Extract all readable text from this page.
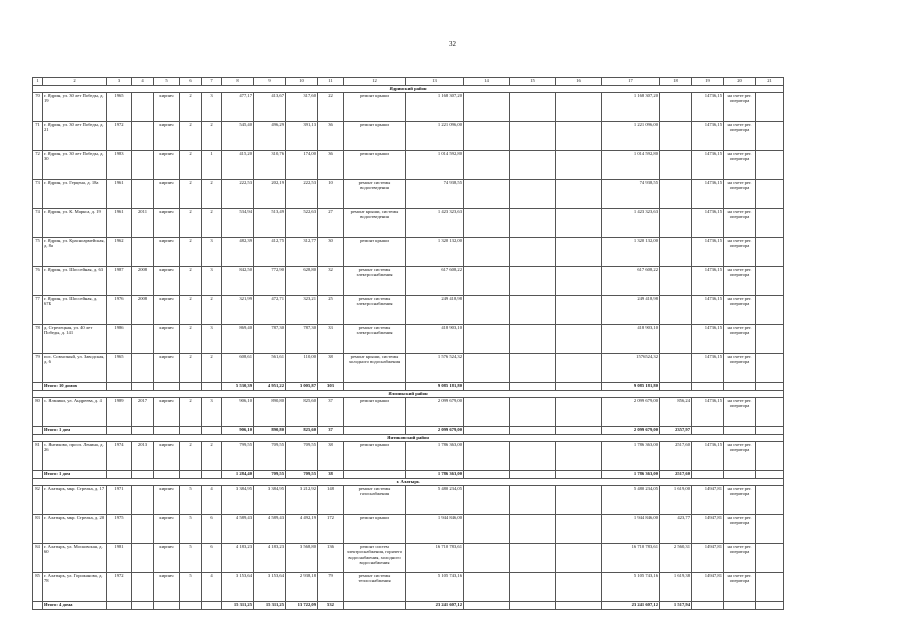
32
1	2	3	4	5	6	7	8	9	10	11	12	13	14	15	16	17	18	19	20	21
Ядринский район																				
70	г. Ядрин, ул. 30 лет Победы, д. 19	1965		кирпич	2	3	477,17	413,67	317,60	22	ремонт крыши	1 168 307,20				1 168 307,20		14736,15	на счете рег. оператора	
71	г. Ядрин, ул. 30 лет Победы, д. 21	1972		кирпич	2	2	545,40	496,29	391,13	36	ремонт крыши	1 221 096,00				1 221 096,00		14736,15	на счете рег. оператора	
72	г. Ядрин, ул. 30 лет Победы, д. 30	1983		кирпич	2	1	415,20	310,76	174,00	36	ремонт крыши	1 014 592,80				1 014 592,80		14736,15	на счете рег. оператора	
73	г. Ядрин, ул. Герцена, д. 18а	1961		кирпич	2	2	222,53	202,19	222,53	10	ремонт системы водоотведения	74 938,55				74 938,55		14736,15	на счете рег. оператора	
74	г. Ядрин, ул. К. Маркса, д. 19	1961	2011	кирпич	2	2	534,94	513,49	522,63	27	ремонт крыши, системы водоотведения	1 423 323,63				1 423 323,63		14736,15	на счете рег. оператора	
75	г. Ядрин, ул. Красноармейская, д. 8а	1962		кирпич	2	3	482,39	412,75	312,77	30	ремонт крыши	1 320 132,00				1 320 132,00		14736,15	на счете рег. оператора	
76	г. Ядрин, ул. Шоссейная, д. 63	1987	2008	кирпич	2	3	842,50	772,90	628,80	32	ремонт системы электроснабжения	617 608,22				617 608,22		14736,15	на счете рег. оператора	
77	г. Ядрин, ул. Шоссейная, д. 67Б	1976	2008	кирпич	2	2	321,99	472,71	323,21	25	ремонт системы электроснабжения	249 418,98				249 418,98		14736,15	на счете рег. оператора	
78	д. Стрелецкая, ул. 40 лет Победы, д. 141	1986		кирпич	2	3	869,40	787,30	787,30	33	ремонт системы электроснабжения	418 903,10				418 903,10		14736,15	на счете рег. оператора	
79	пос. Совхозный, ул. Заводская, д. 6	1965		кирпич	2	2	608,61	561,61	110,00	38	ремонт крыши, системы холодного водоснабжения	1 576 524,32				1576524,32		14736,15	на счете рег. оператора	
	Итого: 10 домов						5 530,39	4 951,22	3 005,87	303		9 085 181,80				9 085 181,80				
Яльчикский район																				
80	с. Яльчики, ул. Андреева, д. 4	1989	2017	кирпич	2	3	906,10	890,80	825,60	37	ремонт крыши	2 099 679,00				2 099 679,00	856,24	14736,15	на счете рег. оператора	
	Итого: 1 дом						906,10	890,80	825,60	37		2 099 679,00				2 099 679,00	2357,97			
Янтиковский район																				
81	с. Янтиково, просп. Ленина, д. 26	1974	2013	кирпич	2	2	799,55	709,55	709,55	38	ремонт крыши	1 786 363,00				1 786 363,00	2517,60	14736,15	на счете рег. оператора	
	Итого: 1 дом						1 284,40	709,55	709,55	38		1 786 363,00				1 786 363,00	2517,60			
г. Алатырь																				
82	г. Алатырь, мкр. Стрелка, д. 17	1971		кирпич	5	4	3 384,95	3 384,95	3 212,92	148	ремонт системы газоснабжения	5 480 234,05				5 480 234,05	1 619,00	14947,81	на счете рег. оператора	
83	г. Алатырь, мкр. Стрелка, д. 20	1975		кирпич	5	6	4 589,43	4 589,43	4 492,19	172	ремонт крыши	1 944 846,00				1 944 846,00	423,77	14947,81	на счете рег. оператора	
84	г. Алатырь, ул. Московская, д. 60	1981		кирпич	5	6	4 183,23	4 183,23	3 568,80	136	ремонт систем электроснабжения, горячего водоснабжения, холодного водоснабжения	16 710 783,61				16 710 783,61	2 560,31	14947,81	на счете рег. оператора	
85	г. Алатырь, ул. Горожанова, д. 78	1972		кирпич	5	4	3 153,64	3 153,64	2 938,18	79	ремонт системы теплоснабжения	5 105 743,16				5 105 743,16	1 619,38	14947,81	на счете рег. оператора	
	Итого: 4 дома						15 311,25	15 311,25	13 722,09	532		23 241 607,12				23 241 607,12	1 517,94			
